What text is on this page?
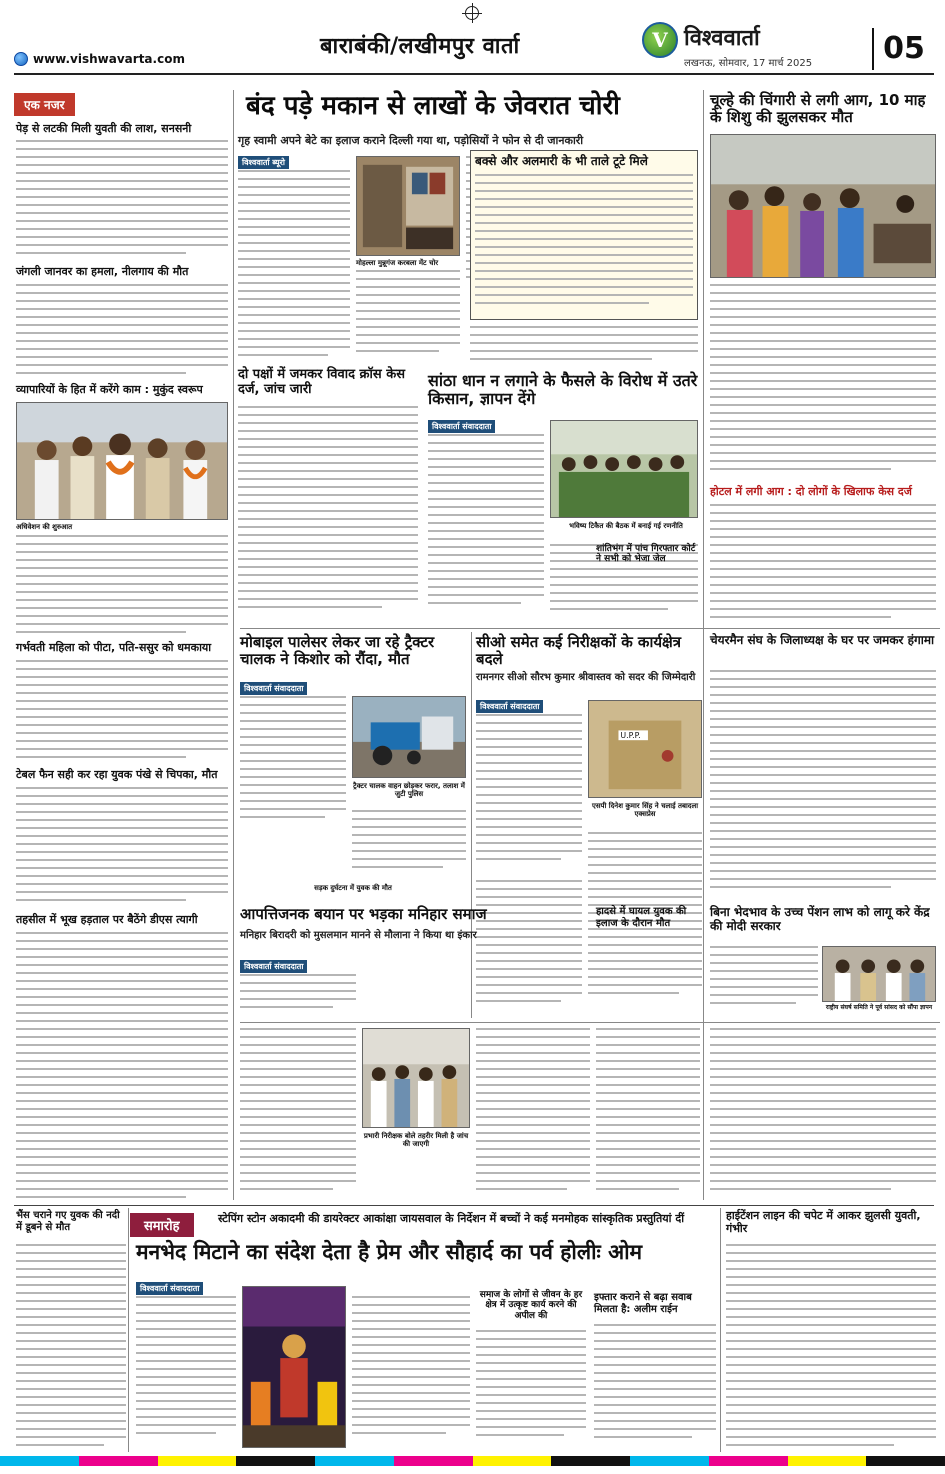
बाराबंकी/लखीमपुर वार्ता	V विश्ववार्ता
लखनऊ, सोमवार, 17 मार्च 2025	05
www.vishwavarta.com
एक नजर
पेड़ से लटकी मिली युवती की लाश, सनसनी
जंगली जानवर का हमला, नीलगाय की मौत
व्यापारियों के हित में करेंगे काम : मुकुंद स्वरूप
अधिवेशन की शुरुआत
गर्भवती महिला को पीटा, पति-ससुर को धमकाया
टेबल फैन सही कर रहा युवक पंखे से चिपका, मौत
तहसील में भूख हड़ताल पर बैठेंगे डीएस त्यागी
बंद पड़े मकान से लाखों के जेवरात चोरी
गृह स्वामी अपने बेटे का इलाज कराने दिल्ली गया था, पड़ोसियों ने फोन से दी जानकारी
विश्ववार्ता ब्यूरो
मोहल्ला मुन्नूगंज करबला मेंट चोर
बक्से और अलमारी के भी ताले टूटे मिले
चूल्हे की चिंगारी से लगी आग, 10 माह के शिशु की झुलसकर मौत
होटल में लगी आग : दो लोगों के खिलाफ केस दर्ज
दो पक्षों में जमकर विवाद क्रॉस केस दर्ज, जांच जारी	सांठा धान न लगाने के फैसले के विरोध में उतरे किसान, ज्ञापन देंगे
विश्ववार्ता संवाददाता
भविष्य टिकैत की बैठक में बनाई गई रणनीति
शांतिभंग में पांच गिरफ्तार कोर्ट ने सभी को भेजा जेल
मोबाइल पालेसर लेकर जा रहे ट्रैक्टर चालक ने किशोर को रौंदा, मौत
विश्ववार्ता संवाददाता
ट्रैक्टर चालक वाहन छोड़कर फरार, तलाश में जुटी पुलिस
सड़क दुर्घटना में युवक की मौत
सीओ समेत कई निरीक्षकों के कार्यक्षेत्र बदले
रामनगर सीओ सौरभ कुमार श्रीवास्तव को सदर की जिम्मेदारी
विश्ववार्ता संवाददाता
U.P.P.
एसपी दिनेश कुमार सिंह ने चलाई तबादला एक्सप्रेस
चेयरमैन संघ के जिलाध्यक्ष के घर पर जमकर हंगामा
आपत्तिजनक बयान पर भड़का मनिहार समाज
मनिहार बिरादरी को मुसलमान मानने से मौलाना ने किया था इंकार
विश्ववार्ता संवाददाता
हादसे में घायल युवक की इलाज के दौरान मौत
बिना भेदभाव के उच्च पेंशन लाभ को लागू करे केंद्र की मोदी सरकार
राष्ट्रीय संघर्ष समिति ने पूर्व सांसद को सौंपा ज्ञापन
प्रभारी निरीक्षक बोले तहरीर मिली है जांच की जाएगी
भैंस चराने गए युवक की नदी में डूबने से मौत	समारोह
स्टेपिंग स्टोन अकादमी की डायरेक्टर आकांक्षा जायसवाल के निर्देशन में बच्चों ने कई मनमोहक सांस्कृतिक प्रस्तुतियां दीं
मनभेद मिटाने का संदेश देता है प्रेम और सौहार्द का पर्व होलीः ओम
विश्ववार्ता संवाददाता
समाज के लोगों से जीवन के हर क्षेत्र में उत्कृष्ट कार्य करने की अपील की
इफ्तार कराने से बढ़ा सवाब मिलता है: अलीम राईन
हाईटेंशन लाइन की चपेट में आकर झुलसी युवती, गंभीर
